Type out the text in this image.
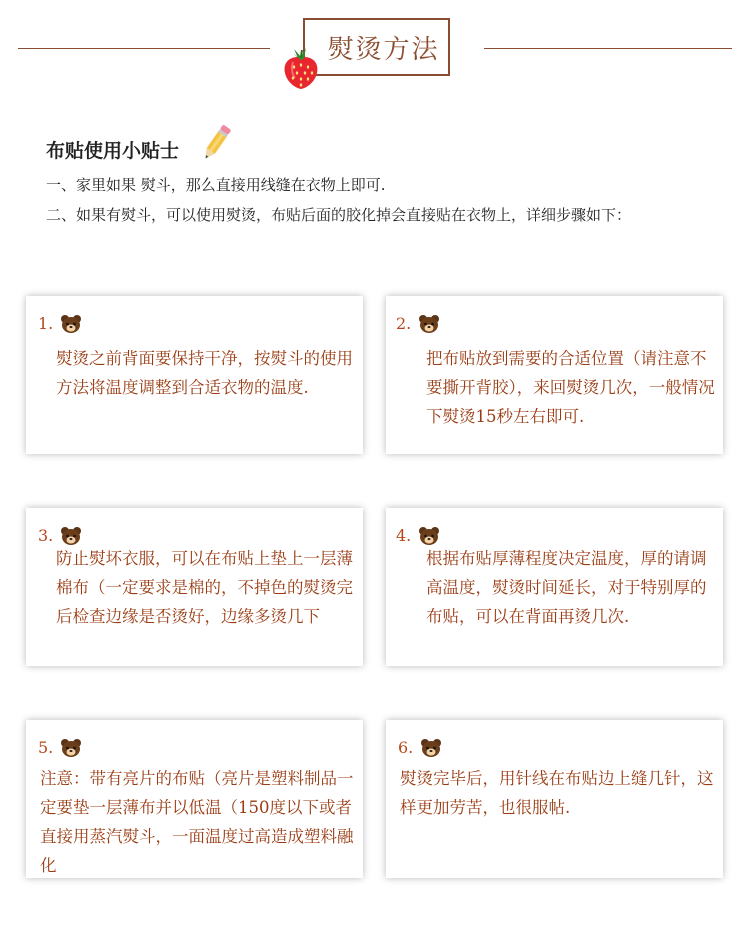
熨烫方法
布贴使用小贴士
一、家里如果 熨斗，那么直接用线缝在衣物上即可.
二、如果有熨斗，可以使用熨烫，布贴后面的胶化掉会直接贴在衣物上，详细步骤如下：
1.
熨烫之前背面要保持干净，按熨斗的使用方法将温度调整到合适衣物的温度.
2.
把布贴放到需要的合适位置（请注意不要撕开背胶），来回熨烫几次，一般情况下熨烫15秒左右即可.
3.
防止熨坏衣服，可以在布贴上垫上一层薄棉布（一定要求是棉的，不掉色的熨烫完后检查边缘是否烫好，边缘多烫几下
4.
根据布贴厚薄程度决定温度，厚的请调高温度，熨烫时间延长，对于特别厚的布贴，可以在背面再烫几次.
5.
注意：带有亮片的布贴（亮片是塑料制品一定要垫一层薄布并以低温（150度以下或者直接用蒸汽熨斗，一面温度过高造成塑料融化
6.
熨烫完毕后，用针线在布贴边上缝几针，这样更加劳苦，也很服帖.
